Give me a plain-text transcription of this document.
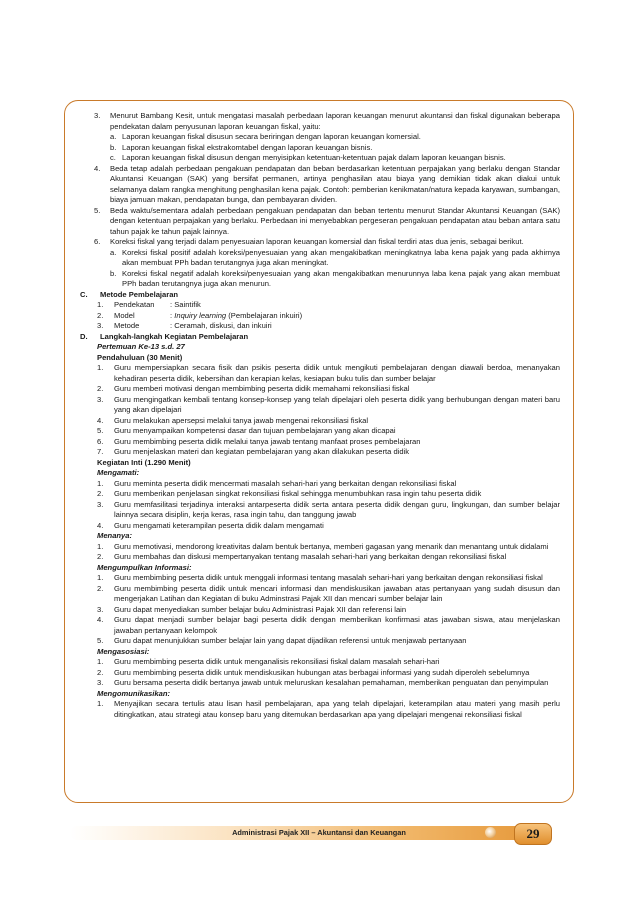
3.	Menurut Bambang Kesit, untuk mengatasi masalah perbedaan laporan keuangan menurut akuntansi dan fiskal digunakan beberapa pendekatan dalam penyusunan laporan keuangan fiskal, yaitu:
a. Laporan keuangan fiskal disusun secara beriringan dengan laporan keuangan komersial.
b. Laporan keuangan fiskal ekstrakomtabel dengan laporan keuangan bisnis.
c. Laporan keuangan fiskal disusun dengan menyisipkan ketentuan-ketentuan pajak dalam laporan keuangan bisnis.
4.	Beda tetap adalah perbedaan pengakuan pendapatan dan beban berdasarkan ketentuan perpajakan yang berlaku dengan Standar Akuntansi Keuangan (SAK) yang bersifat permanen, artinya penghasilan atau biaya yang demikian tidak akan diakui untuk selamanya dalam rangka menghitung penghasilan kena pajak. Contoh: pemberian kenikmatan/natura kepada karyawan, sumbangan, biaya jamuan makan, pendapatan bunga, dan pembayaran dividen.
5.	Beda waktu/sementara adalah perbedaan pengakuan pendapatan dan beban tertentu menurut Standar Akuntansi Keuangan (SAK) dengan ketentuan perpajakan yang berlaku. Perbedaan ini menyebabkan pergeseran pengakuan pendapatan atau beban antara satu tahun pajak ke tahun pajak lainnya.
6.	Koreksi fiskal yang terjadi dalam penyesuaian laporan keuangan komersial dan fiskal terdiri atas dua jenis, sebagai berikut.
a. Koreksi fiskal positif adalah koreksi/penyesuaian yang akan mengakibatkan meningkatnya laba kena pajak yang pada akhirnya akan membuat PPh badan terutangnya juga akan meningkat.
b. Koreksi fiskal negatif adalah koreksi/penyesuaian yang akan mengakibatkan menurunnya laba kena pajak yang akan membuat PPh badan terutangnya juga akan menurun.
C.	Metode Pembelajaran
1.	Pendekatan	: Saintifik
2.	Model	: Inquiry learning (Pembelajaran inkuiri)
3.	Metode	: Ceramah, diskusi, dan inkuiri
D.	Langkah-langkah Kegiatan Pembelajaran
Pertemuan Ke-13 s.d. 27
Pendahuluan (30 Menit)
1.	Guru mempersiapkan secara fisik dan psikis peserta didik untuk mengikuti pembelajaran dengan diawali berdoa, menanyakan kehadiran peserta didik, kebersihan dan kerapian kelas, kesiapan buku tulis dan sumber belajar
2.	Guru memberi motivasi dengan membimbing peserta didik memahami rekonsiliasi fiskal
3.	Guru mengingatkan kembali tentang konsep-konsep yang telah dipelajari oleh peserta didik yang berhubungan dengan materi baru yang akan dipelajari
4.	Guru melakukan apersepsi melalui tanya jawab mengenai rekonsiliasi fiskal
5.	Guru menyampaikan kompetensi dasar dan tujuan pembelajaran yang akan dicapai
6.	Guru membimbing peserta didik melalui tanya jawab tentang manfaat proses pembelajaran
7.	Guru menjelaskan materi dan kegiatan pembelajaran yang akan dilakukan peserta didik
Kegiatan Inti (1.290 Menit)
Mengamati:
1.	Guru meminta peserta didik mencermati masalah sehari-hari yang berkaitan dengan rekonsiliasi fiskal
2.	Guru memberikan penjelasan singkat rekonsiliasi fiskal sehingga menumbuhkan rasa ingin tahu peserta didik
3.	Guru memfasilitasi terjadinya interaksi antarpeserta didik serta antara peserta didik dengan guru, lingkungan, dan sumber belajar lainnya secara disiplin, kerja keras, rasa ingin tahu, dan tanggung jawab
4.	Guru mengamati keterampilan peserta didik dalam mengamati
Menanya:
1.	Guru memotivasi, mendorong kreativitas dalam bentuk bertanya, memberi gagasan yang menarik dan menantang untuk didalami
2.	Guru membahas dan diskusi mempertanyakan tentang masalah sehari-hari yang berkaitan dengan rekonsiliasi fiskal
Mengumpulkan Informasi:
1.	Guru membimbing peserta didik untuk menggali informasi tentang masalah sehari-hari yang berkaitan dengan rekonsiliasi fiskal
2.	Guru membimbing peserta didik untuk mencari informasi dan mendiskusikan jawaban atas pertanyaan yang sudah disusun dan mengerjakan Latihan dan Kegiatan di buku Adminstrasi Pajak XII dan mencari sumber belajar lain
3.	Guru dapat menyediakan sumber belajar buku Administrasi Pajak XII dan referensi lain
4.	Guru dapat menjadi sumber belajar bagi peserta didik dengan memberikan konfirmasi atas jawaban siswa, atau menjelaskan jawaban pertanyaan kelompok
5.	Guru dapat menunjukkan sumber belajar lain yang dapat dijadikan referensi untuk menjawab pertanyaan
Mengasosiasi:
1.	Guru membimbing peserta didik untuk menganalisis rekonsiliasi fiskal dalam masalah sehari-hari
2.	Guru membimbing peserta didik untuk mendiskusikan hubungan atas berbagai informasi yang sudah diperoleh sebelumnya
3.	Guru bersama peserta didik bertanya jawab untuk meluruskan kesalahan pemahaman, memberikan penguatan dan penyimpulan
Mengomunikasikan:
1.	Menyajikan secara tertulis atau lisan hasil pembelajaran, apa yang telah dipelajari, keterampilan atau materi yang masih perlu ditingkatkan, atau strategi atau konsep baru yang ditemukan berdasarkan apa yang dipelajari mengenai rekonsiliasi fiskal
Administrasi Pajak XII – Akuntansi dan Keuangan	29
